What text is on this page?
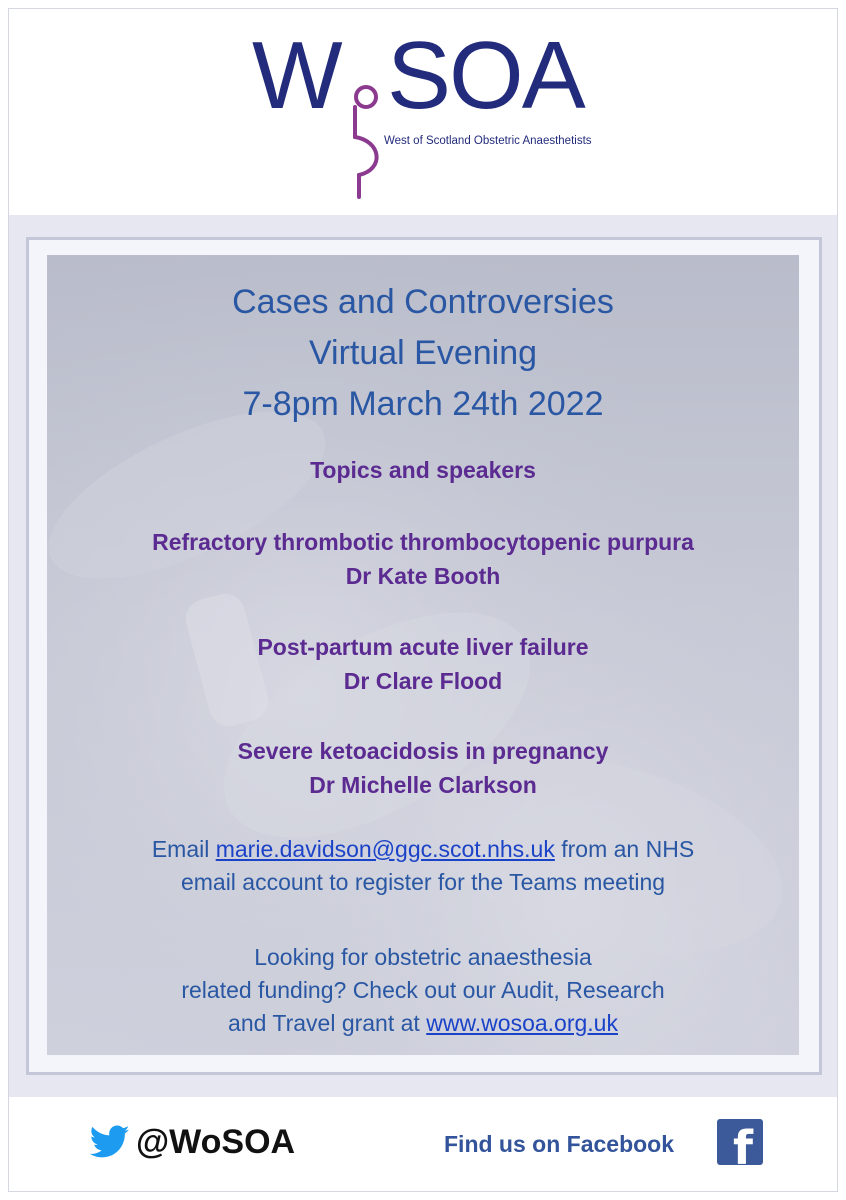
W SOA
West of Scotland Obstetric Anaesthetists
Cases and Controversies
Virtual Evening
7-8pm March 24th 2022
Topics and speakers
Refractory thrombotic thrombocytopenic purpura
Dr Kate Booth
Post-partum acute liver failure
Dr Clare Flood
Severe ketoacidosis in pregnancy
Dr Michelle Clarkson
Email marie.davidson@ggc.scot.nhs.uk from an NHS
email account to register for the Teams meeting
Looking for obstetric anaesthesia
related funding? Check out our Audit, Research
and Travel grant at www.wosoa.org.uk
@WoSOA	Find us on Facebook f
